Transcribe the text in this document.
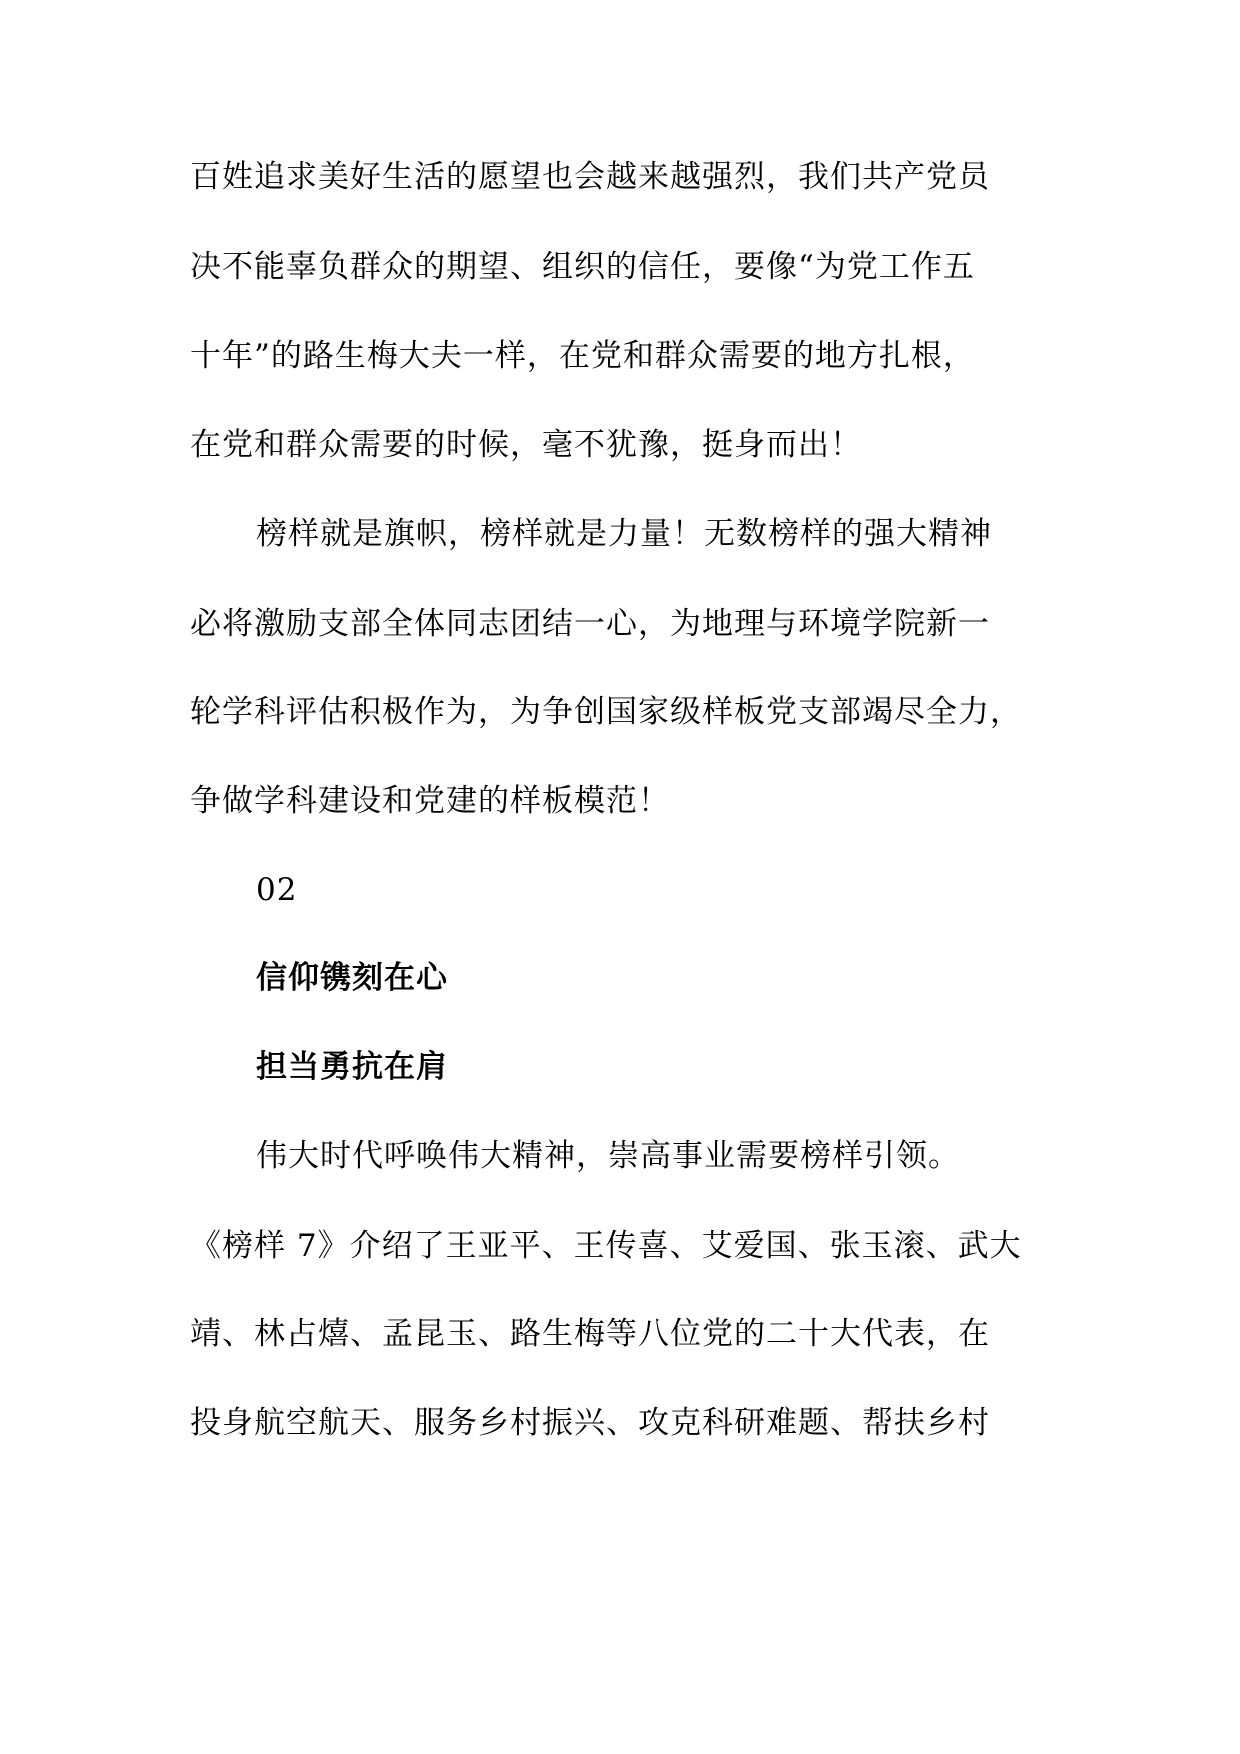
百姓追求美好生活的愿望也会越来越强烈，我们共产党员

决不能辜负群众的期望、组织的信任，要像“为党工作五

十年”的路生梅大夫一样，在党和群众需要的地方扎根，

在党和群众需要的时候，毫不犹豫，挺身而出！

榜样就是旗帜，榜样就是力量！无数榜样的强大精神

必将激励支部全体同志团结一心，为地理与环境学院新一

轮学科评估积极作为，为争创国家级样板党支部竭尽全力，

争做学科建设和党建的样板模范！

02

信仰镌刻在心

担当勇抗在肩

伟大时代呼唤伟大精神，崇高事业需要榜样引领。

《榜样 7》介绍了王亚平、王传喜、艾爱国、张玉滚、武大

靖、林占熺、孟昆玉、路生梅等八位党的二十大代表，在

投身航空航天、服务乡村振兴、攻克科研难题、帮扶乡村
